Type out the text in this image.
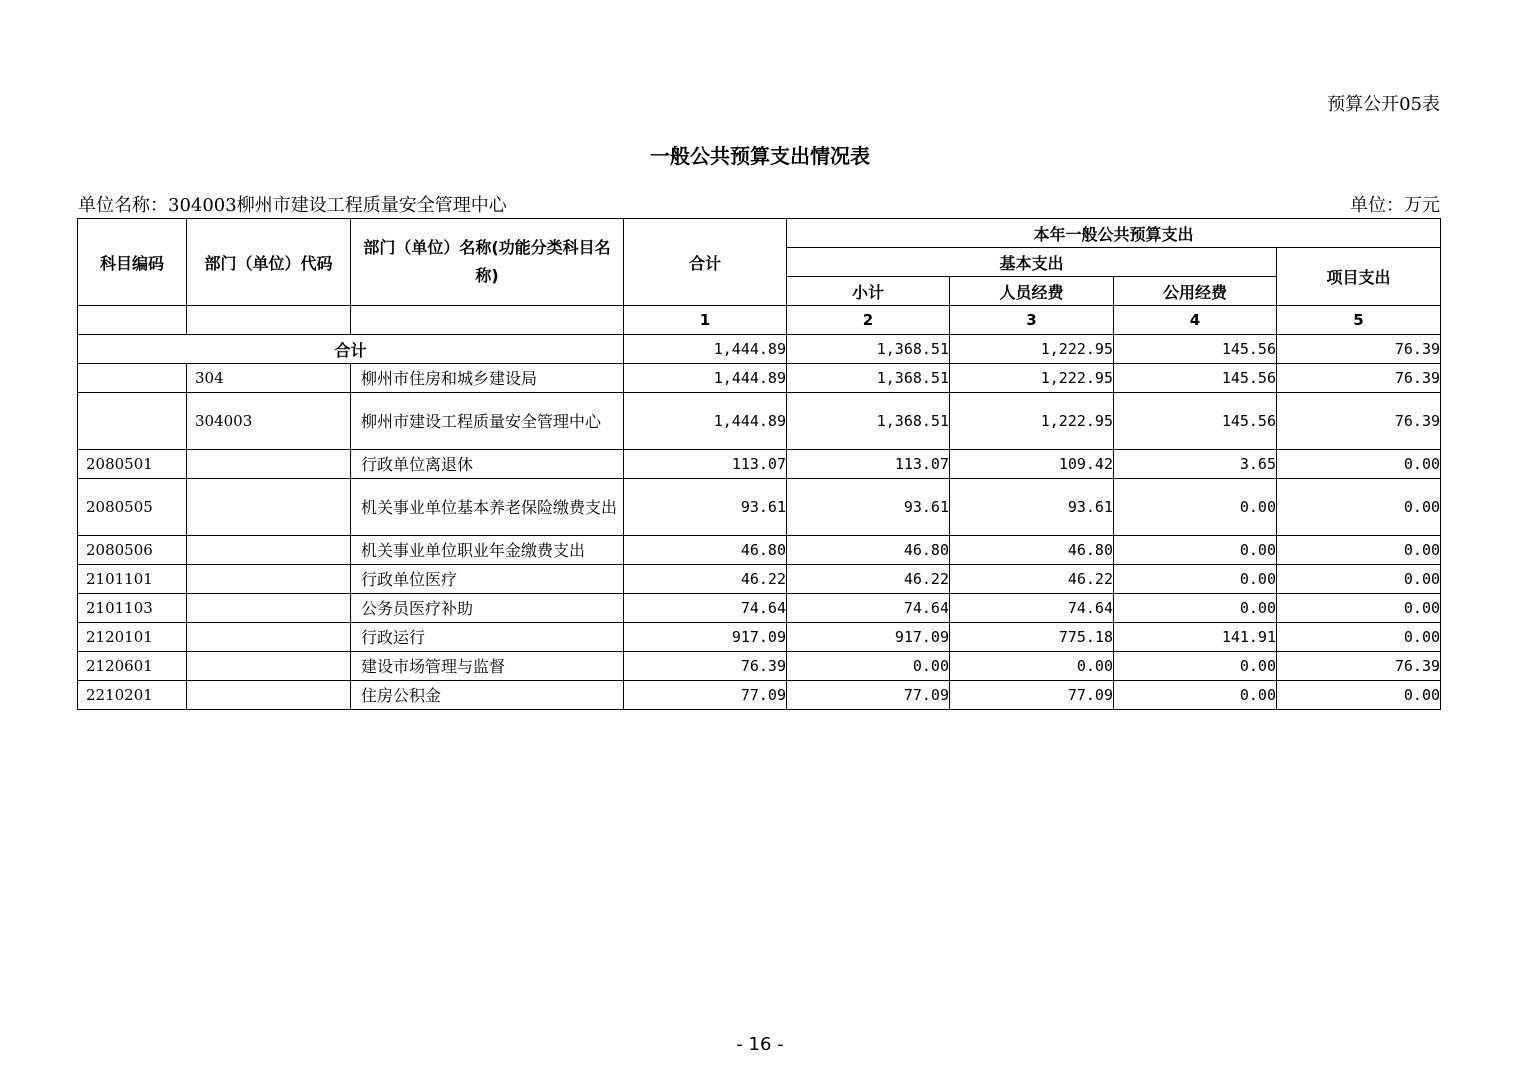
预算公开05表
一般公共预算支出情况表
单位名称：304003柳州市建设工程质量安全管理中心	单位：万元
科目编码	部门（单位）代码	部门（单位）名称(功能分类科目名称)	合计	本年一般公共预算支出			
				基本支出			项目支出
				小计	人员经费	公用经费	
			1	2	3	4	5
合计			1,444.89	1,368.51	1,222.95	145.56	76.39
	304	柳州市住房和城乡建设局	1,444.89	1,368.51	1,222.95	145.56	76.39
	304003	柳州市建设工程质量安全管理中心	1,444.89	1,368.51	1,222.95	145.56	76.39
2080501		行政单位离退休	113.07	113.07	109.42	3.65	0.00
2080505		机关事业单位基本养老保险缴费支出	93.61	93.61	93.61	0.00	0.00
2080506		机关事业单位职业年金缴费支出	46.80	46.80	46.80	0.00	0.00
2101101		行政单位医疗	46.22	46.22	46.22	0.00	0.00
2101103		公务员医疗补助	74.64	74.64	74.64	0.00	0.00
2120101		行政运行	917.09	917.09	775.18	141.91	0.00
2120601		建设市场管理与监督	76.39	0.00	0.00	0.00	76.39
2210201		住房公积金	77.09	77.09	77.09	0.00	0.00
- 16 -
